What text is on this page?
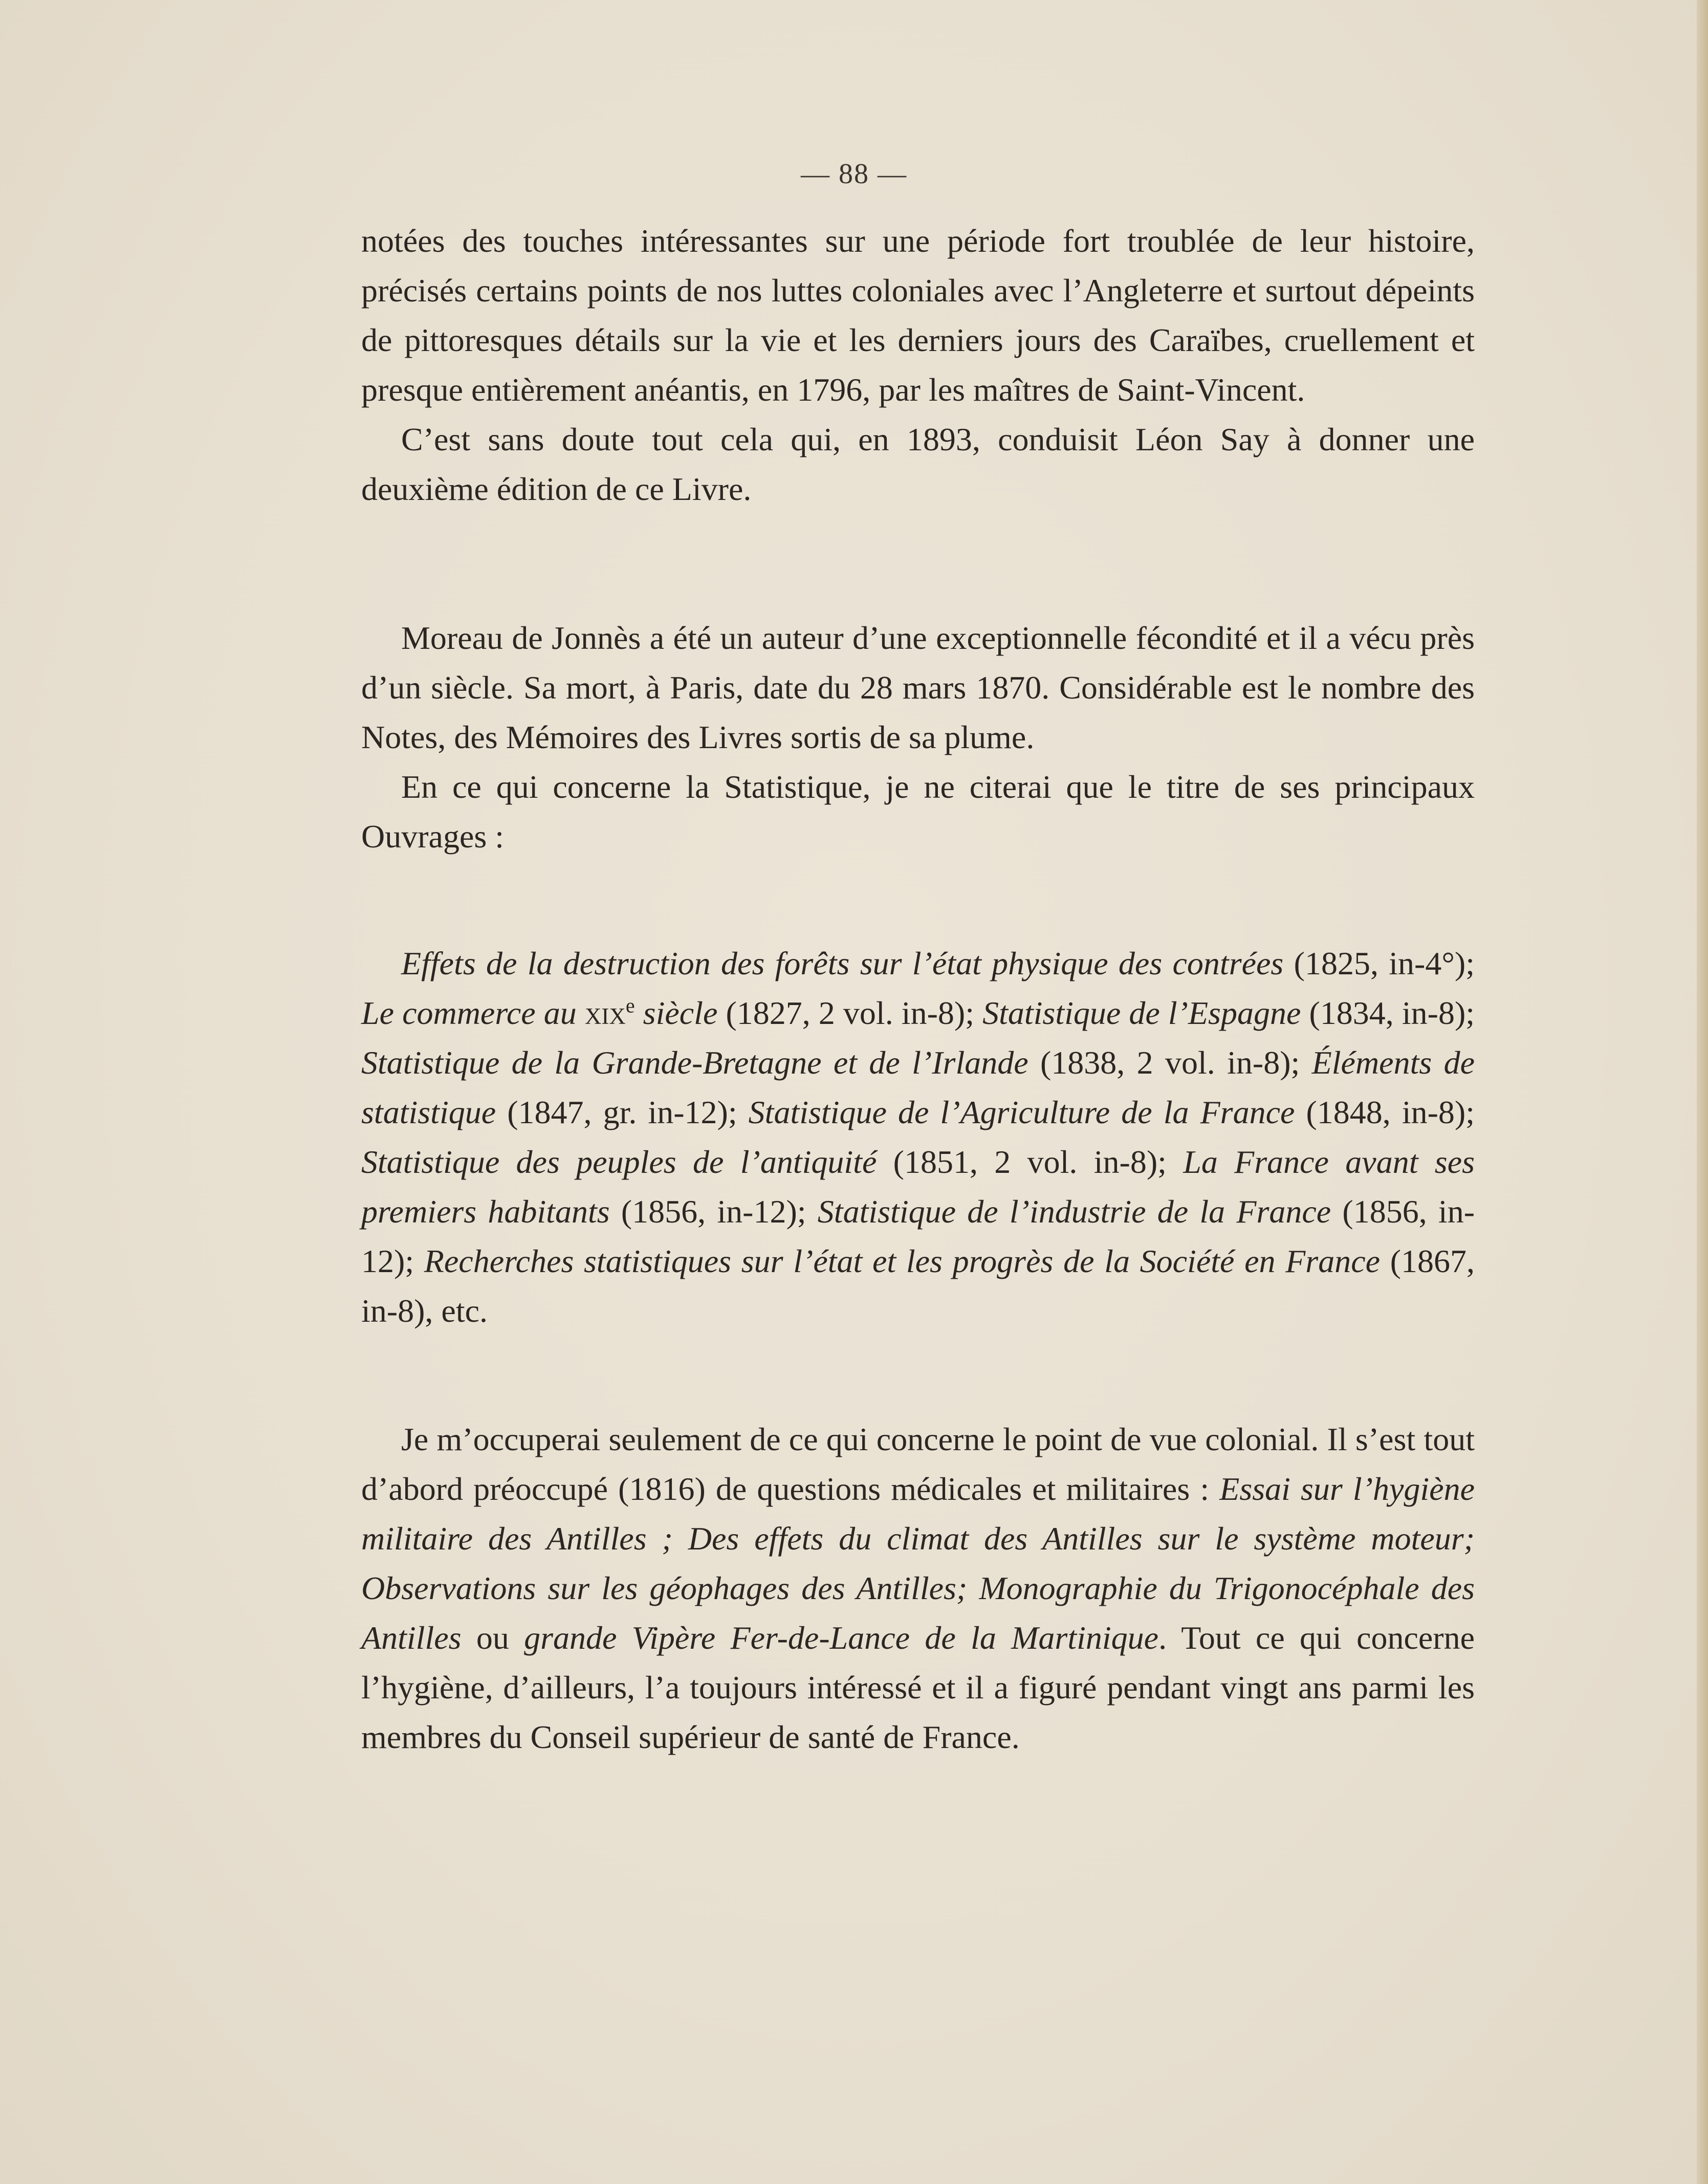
— 88 —

notées des touches intéressantes sur une période fort troublée de leur histoire, précisés certains points de nos luttes coloniales avec l’Angleterre et surtout dépeints de pittoresques détails sur la vie et les derniers jours des Caraïbes, cruellement et presque entièrement anéantis, en 1796, par les maîtres de Saint-Vincent.

C’est sans doute tout cela qui, en 1893, conduisit Léon Say à donner une deuxième édition de ce Livre.

Moreau de Jonnès a été un auteur d’une exceptionnelle fécondité et il a vécu près d’un siècle. Sa mort, à Paris, date du 28 mars 1870. Considérable est le nombre des Notes, des Mémoires des Livres sortis de sa plume.

En ce qui concerne la Statistique, je ne citerai que le titre de ses principaux Ouvrages :

Effets de la destruction des forêts sur l’état physique des contrées (1825, in-4°); Le commerce au xix$^e$ siècle (1827, 2 vol. in-8); Statistique de l’Espagne (1834, in-8); Statistique de la Grande-Bretagne et de l’Irlande (1838, 2 vol. in-8); Éléments de statistique (1847, gr. in-12); Statistique de l’Agriculture de la France (1848, in-8); Statistique des peuples de l’antiquité (1851, 2 vol. in-8); La France avant ses premiers habitants (1856, in-12); Statistique de l’industrie de la France (1856, in-12); Recherches statistiques sur l’état et les progrès de la Société en France (1867, in-8), etc.

Je m’occuperai seulement de ce qui concerne le point de vue colonial. Il s’est tout d’abord préoccupé (1816) de questions médicales et militaires : Essai sur l’hygiène militaire des Antilles ; Des effets du climat des Antilles sur le système moteur; Observations sur les géophages des Antilles; Monographie du Trigonocéphale des Antilles ou grande Vipère Fer-de-Lance de la Martinique. Tout ce qui concerne l’hygiène, d’ailleurs, l’a toujours intéressé et il a figuré pendant vingt ans parmi les membres du Conseil supérieur de santé de France.
